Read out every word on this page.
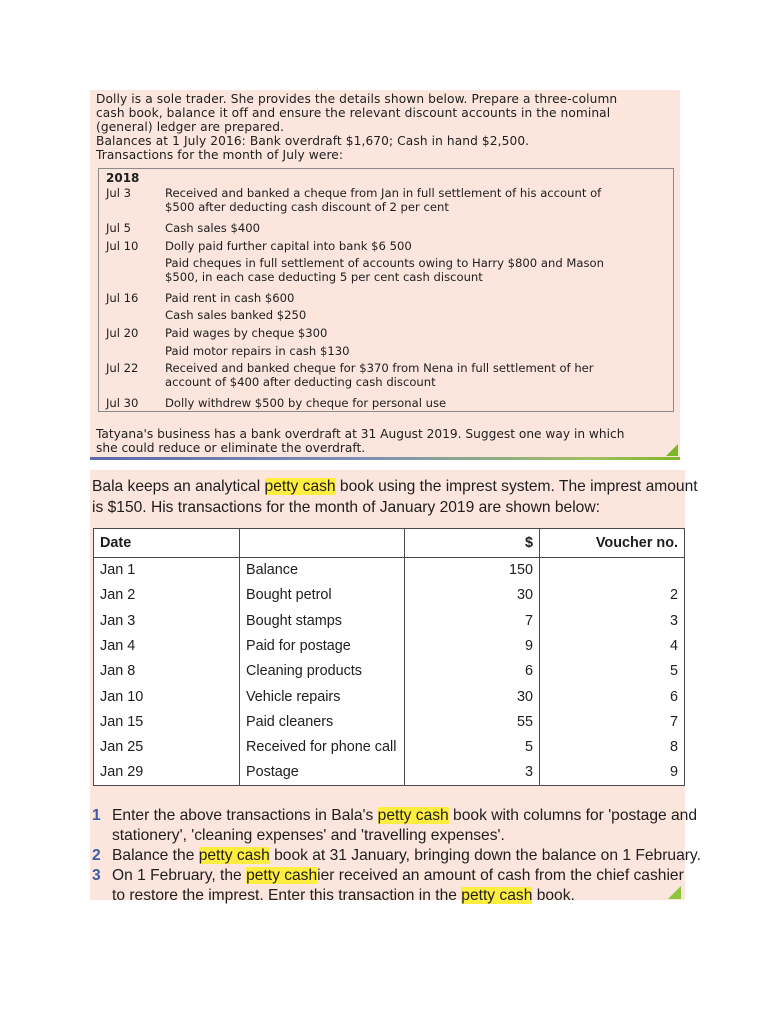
Dolly is a sole trader. She provides the details shown below. Prepare a three-column
cash book, balance it off and ensure the relevant discount accounts in the nominal
(general) ledger are prepared.
Balances at 1 July 2016: Bank overdraft $1,670; Cash in hand $2,500.
Transactions for the month of July were:
2018
Jul 3	Received and banked a cheque from Jan in full settlement of his account of
$500 after deducting cash discount of 2 per cent
Jul 5	Cash sales $400
Jul 10 Dolly paid further capital into bank $6 500
Paid cheques in full settlement of accounts owing to Harry $800 and Mason
$500, in each case deducting 5 per cent cash discount
Jul 16 Paid rent in cash $600
Cash sales banked $250
Jul 20 Paid wages by cheque $300
Paid motor repairs in cash $130
Jul 22 Received and banked cheque for $370 from Nena in full settlement of her
account of $400 after deducting cash discount
Jul 30 Dolly withdrew $500 by cheque for personal use
Tatyana's business has a bank overdraft at 31 August 2019. Suggest one way in which
she could reduce or eliminate the overdraft.
Bala keeps an analytical petty cash book using the imprest system. The imprest amount
is $150. His transactions for the month of January 2019 are shown below:
Date		$	Voucher no.
Jan 1	Balance	150	
Jan 2	Bought petrol	30	2
Jan 3	Bought stamps	7	3
Jan 4	Paid for postage	9	4
Jan 8	Cleaning products	6	5
Jan 10	Vehicle repairs	30	6
Jan 15	Paid cleaners	55	7
Jan 25	Received for phone call	5	8
Jan 29	Postage	3	9
1 Enter the above transactions in Bala's petty cash book with columns for 'postage and
stationery', 'cleaning expenses' and 'travelling expenses'.
2 Balance the petty cash book at 31 January, bringing down the balance on 1 February.
3 On 1 February, the petty cashier received an amount of cash from the chief cashier
to restore the imprest. Enter this transaction in the petty cash book.
